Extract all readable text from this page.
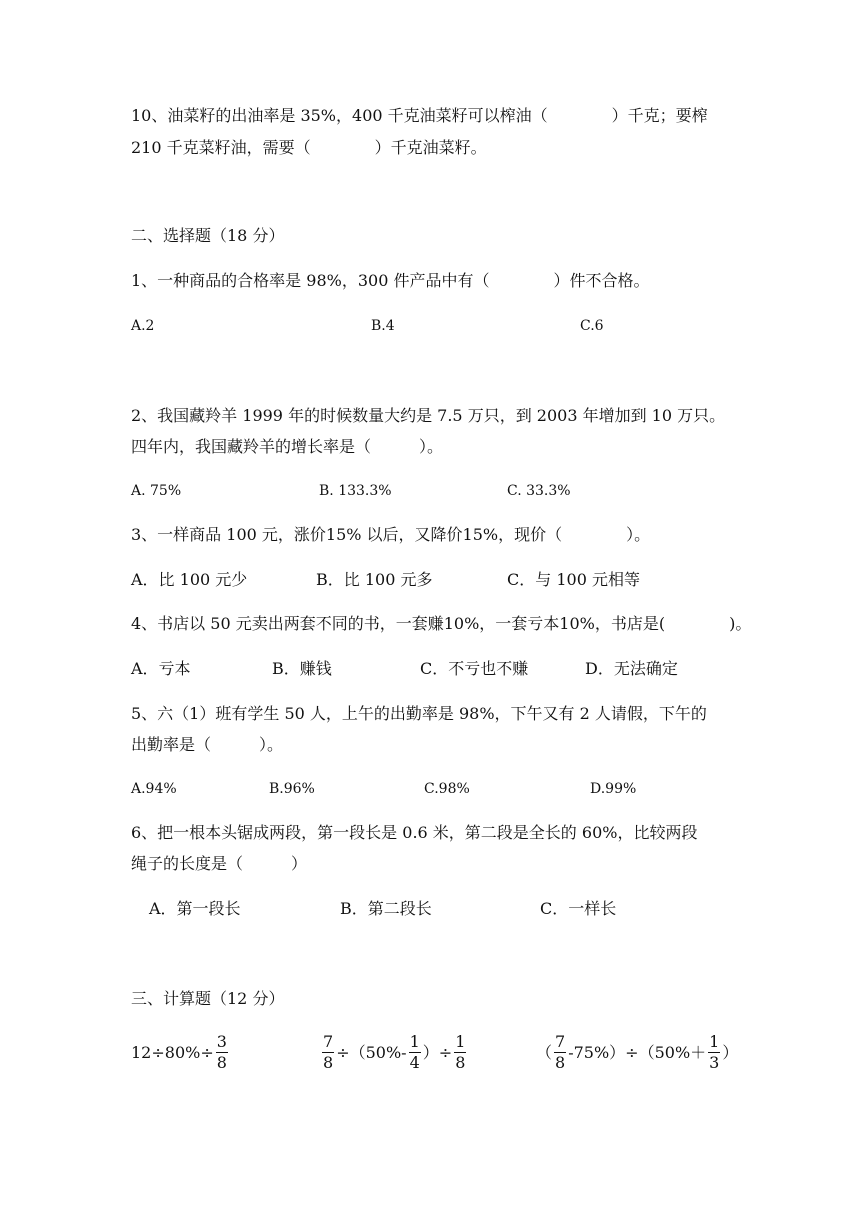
10、油菜籽的出油率是 35%，400 千克油菜籽可以榨油（　　　　）千克；要榨
210 千克菜籽油，需要（　　　　）千克油菜籽。
二、选择题（18 分）
1、一种商品的合格率是 98%，300 件产品中有（　　　　）件不合格。
A.2	B.4	C.6
2、我国藏羚羊 1999 年的时候数量大约是 7.5 万只，到 2003 年增加到 10 万只。
四年内，我国藏羚羊的增长率是（　　　）。
A. 75%	B. 133.3%	C. 33.3%
3、一样商品 100 元，涨价15% 以后，又降价15%，现价（　　　　）。
A．比 100 元少	B．比 100 元多	C．与 100 元相等
4、书店以 50 元卖出两套不同的书，一套赚10%，一套亏本10%，书店是(　　　　)。
A．亏本	B．赚钱	C．不亏也不赚	D．无法确定
5、六（1）班有学生 50 人，上午的出勤率是 98%，下午又有 2 人请假，下午的
出勤率是（　　　）。
A.94%	B.96%	C.98%	D.99%
6、把一根本头锯成两段，第一段长是 0.6 米，第二段是全长的 60%，比较两段
绳子的长度是（　　　）
A．第一段长	B．第二段长	C．一样长
三、计算题（12 分）
$12\div 80\%\div \frac{3}{8}$	$\frac{7}{8} \div(50\%- \frac{1}{4}$ ）÷ $\frac{1}{8}$	（ $\frac{7}{8} -75\%)\div(50\%+ \frac{1}{3}$ ）
